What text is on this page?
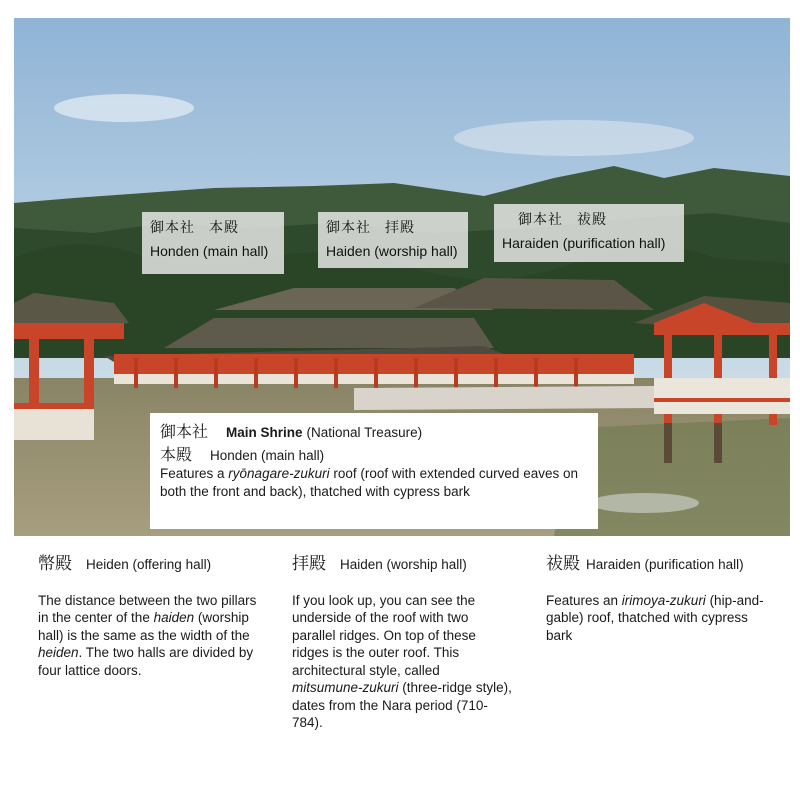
御本社 本殿
Honden (main hall)
御本社 拝殿
Haiden (worship hall)
御本社 祓殿
Haraiden (purification hall)
御本社 Main Shrine (National Treasure)
本殿 Honden (main hall)
Features a ryōnagare-zukuri roof (roof with extended curved eaves on both the front and back), thatched with cypress bark
幣殿 Heiden (offering hall)

The distance between the two pillars in the center of the haiden (worship hall) is the same as the width of the heiden. The two halls are divided by four lattice doors.

拝殿 Haiden (worship hall)

If you look up, you can see the underside of the roof with two parallel ridges. On top of these ridges is the outer roof. This architectural style, called mitsumune-zukuri (three-ridge style), dates from the Nara period (710-784).

祓殿 Haraiden (purification hall)

Features an irimoya-zukuri (hip-and-gable) roof, thatched with cypress bark
